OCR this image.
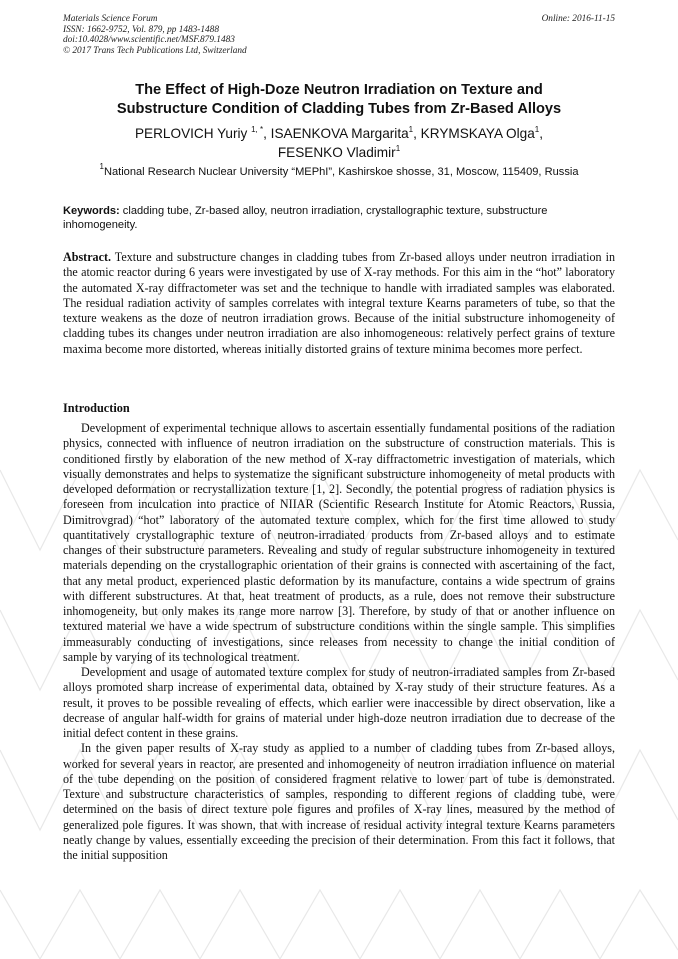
Materials Science Forum
ISSN: 1662-9752, Vol. 879, pp 1483-1488
doi:10.4028/www.scientific.net/MSF.879.1483
© 2017 Trans Tech Publications Ltd, Switzerland
Online: 2016-11-15
The Effect of High-Doze Neutron Irradiation on Texture and
Substructure Condition of Cladding Tubes from Zr-Based Alloys
PERLOVICH Yuriy $^{1, *}$, ISAENKOVA Margarita$^1$, KRYMSKAYA Olga$^1$,
FESENKO Vladimir$^1$
$^1$National Research Nuclear University “MEPhI”, Kashirskoe shosse, 31, Moscow, 115409, Russia
Keywords: cladding tube, Zr-based alloy, neutron irradiation, crystallographic texture, substructure inhomogeneity.
Abstract. Texture and substructure changes in cladding tubes from Zr-based alloys under neutron irradiation in the atomic reactor during 6 years were investigated by use of X-ray methods. For this aim in the “hot” laboratory the automated X-ray diffractometer was set and the technique to handle with irradiated samples was elaborated. The residual radiation activity of samples correlates with integral texture Kearns parameters of tube, so that the texture weakens as the doze of neutron irradiation grows. Because of the initial substructure inhomogeneity of cladding tubes its changes under neutron irradiation are also inhomogeneous: relatively perfect grains of texture maxima become more distorted, whereas initially distorted grains of texture minima becomes more perfect.
Introduction

Development of experimental technique allows to ascertain essentially fundamental positions of the radiation physics, connected with influence of neutron irradiation on the substructure of construction materials. This is conditioned firstly by elaboration of the new method of X-ray diffractometric investigation of materials, which visually demonstrates and helps to systematize the significant substructure inhomogeneity of metal products with developed deformation or recrystallization texture [1, 2]. Secondly, the potential progress of radiation physics is foreseen from inculcation into practice of NIIAR (Scientific Research Institute for Atomic Reactors, Russia, Dimitrovgrad) “hot” laboratory of the automated texture complex, which for the first time allowed to study quantitatively crystallographic texture of neutron-irradiated products from Zr-based alloys and to estimate changes of their substructure parameters. Revealing and study of regular substructure inhomogeneity in textured materials depending on the crystallographic orientation of their grains is connected with ascertaining of the fact, that any metal product, experienced plastic deformation by its manufacture, contains a wide spectrum of grains with different substructures. At that, heat treatment of products, as a rule, does not remove their substructure inhomogeneity, but only makes its range more narrow [3]. Therefore, by study of that or another influence on textured material we have a wide spectrum of substructure conditions within the single sample. This simplifies immeasurably conducting of investigations, since releases from necessity to change the initial condition of sample by varying of its technological treatment.

Development and usage of automated texture complex for study of neutron-irradiated samples from Zr-based alloys promoted sharp increase of experimental data, obtained by X-ray study of their structure features. As a result, it proves to be possible revealing of effects, which earlier were inaccessible by direct observation, like a decrease of angular half-width for grains of material under high-doze neutron irradiation due to decrease of the initial defect content in these grains.

In the given paper results of X-ray study as applied to a number of cladding tubes from Zr-based alloys, worked for several years in reactor, are presented and inhomogeneity of neutron irradiation influence on material of the tube depending on the position of considered fragment relative to lower part of tube is demonstrated. Texture and substructure characteristics of samples, responding to different regions of cladding tube, were determined on the basis of direct texture pole figures and profiles of X-ray lines, measured by the method of generalized pole figures. It was shown, that with increase of residual activity integral texture Kearns parameters neatly change by values, essentially exceeding the precision of their determination. From this fact it follows, that the initial supposition
